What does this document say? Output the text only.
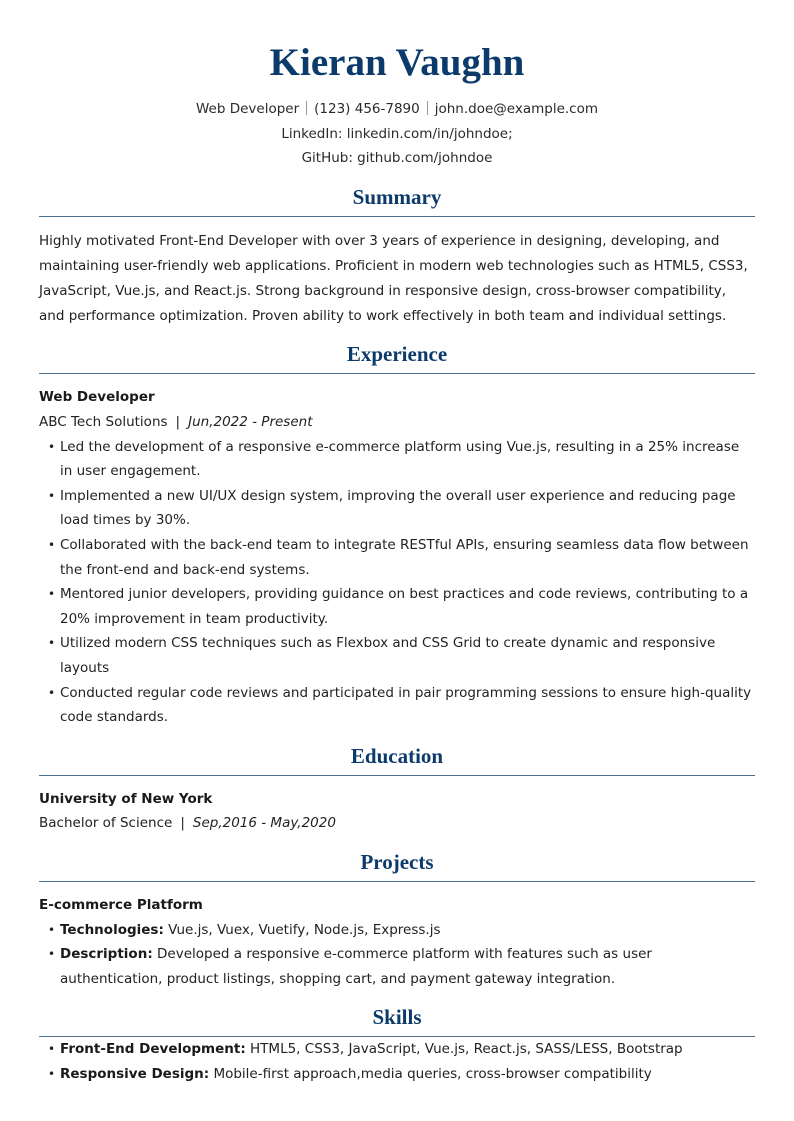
Kieran Vaughn
Web Developer (123) 456-7890 john.doe@example.com
LinkedIn: linkedin.com/in/johndoe;
GitHub: github.com/johndoe
Summary
Highly motivated Front-End Developer with over 3 years of experience in designing, developing, and maintaining user-friendly web applications. Proficient in modern web technologies such as HTML5, CSS3, JavaScript, Vue.js, and React.js. Strong background in responsive design, cross-browser compatibility, and performance optimization. Proven ability to work effectively in both team and individual settings.
Experience
Web Developer
ABC Tech Solutions | Jun,2022 - Present
• Led the development of a responsive e-commerce platform using Vue.js, resulting in a 25% increase in user engagement.
• Implemented a new UI/UX design system, improving the overall user experience and reducing page load times by 30%.
• Collaborated with the back-end team to integrate RESTful APIs, ensuring seamless data flow between the front-end and back-end systems.
• Mentored junior developers, providing guidance on best practices and code reviews, contributing to a 20% improvement in team productivity.
• Utilized modern CSS techniques such as Flexbox and CSS Grid to create dynamic and responsive layouts
• Conducted regular code reviews and participated in pair programming sessions to ensure high-quality code standards.
Education
University of New York
Bachelor of Science | Sep,2016 - May,2020
Projects
E-commerce Platform
• Technologies: Vue.js, Vuex, Vuetify, Node.js, Express.js
• Description: Developed a responsive e-commerce platform with features such as user authentication, product listings, shopping cart, and payment gateway integration.
Skills
• Front-End Development: HTML5, CSS3, JavaScript, Vue.js, React.js, SASS/LESS, Bootstrap
• Responsive Design: Mobile-first approach,media queries, cross-browser compatibility
